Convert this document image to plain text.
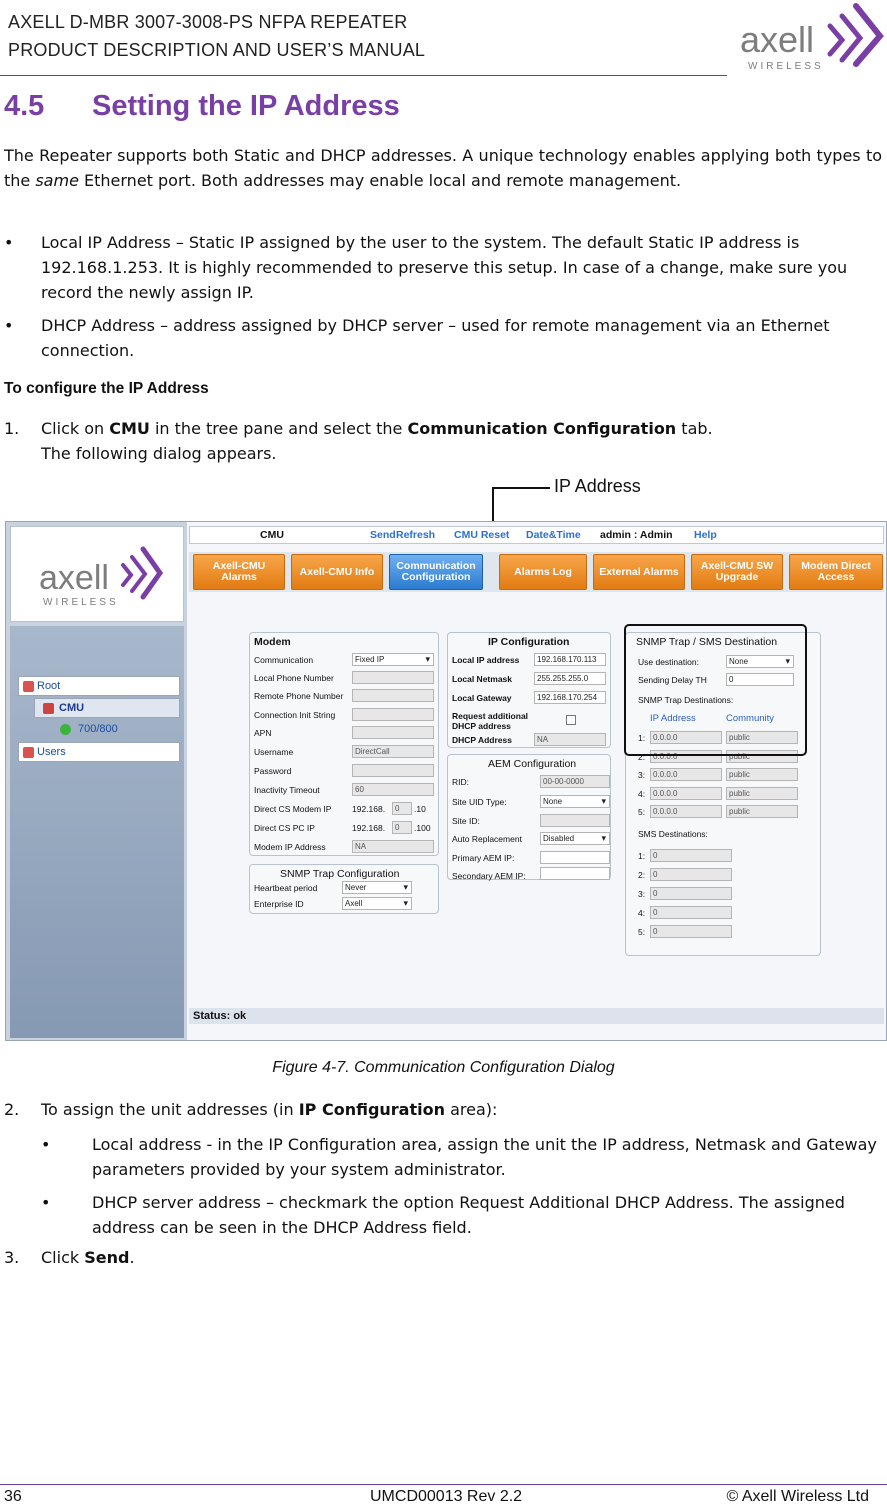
AXELL D-MBR 3007-3008-PS NFPA REPEATER
PRODUCT DESCRIPTION AND USER’S MANUAL	axell
WIRELESS
4.5 Setting the IP Address
The Repeater supports both Static and DHCP addresses. A unique technology enables applying both types to the same Ethernet port. Both addresses may enable local and remote management.
• Local IP Address – Static IP assigned by the user to the system. The default Static IP address is 192.168.1.253. It is highly recommended to preserve this setup. In case of a change, make sure you record the newly assign IP.
• DHCP Address – address assigned by DHCP server – used for remote management via an Ethernet connection.
To configure the IP Address
1. Click on CMU in the tree pane and select the Communication Configuration tab.
The following dialog appears.
IP Address
axell
WIRELESS
Root
CMU
700/800
Users
CMU	Send Refresh CMU Reset Date&Time admin : Admin Help
Axell-CMU Alarms	Axell-CMU Info	Communication Configuration	Alarms Log	External Alarms	Axell-CMU SW Upgrade
Modem Direct Access
Modem
Communication	Fixed IP ▾
Local Phone Number
Remote Phone Number
Connection Init String
APN
Username	DirectCall
Password
Inactivity Timeout	60
Direct CS Modem IP 192.168.	0	.10
Direct CS PC IP	192.168.	0	.100
Modem IP Address	NA
IP Configuration
Local IP address	192.168.170.113
Local Netmask	255.255.255.0
Local Gateway	192.168.170.254
Request additional DHCP address
DHCP Address	NA
AEM Configuration
RID:	00-00-0000
Site UID Type:	None ▾
Site ID:
Auto Replacement	Disabled ▾
Primary AEM IP:
Secondary AEM IP:
SNMP Trap Configuration
Heartbeat period	Never ▾
Enterprise ID	Axell ▾
SNMP Trap / SMS Destination
Use destination:	None ▾
Sending Delay TH	0
SNMP Trap Destinations:
IP Address	Community
1: 0.0.0.0	public
2: 0.0.0.0	public
3: 0.0.0.0	public
4: 0.0.0.0	public
5: 0.0.0.0	public
SMS Destinations:
1: 0
2: 0
3: 0
4: 0
5: 0
Status: ok
Figure 4-7. Communication Configuration Dialog
2. To assign the unit addresses (in IP Configuration area):
•	Local address - in the IP Configuration area, assign the unit the IP address, Netmask and Gateway parameters provided by your system administrator.
•	DHCP server address – checkmark the option Request Additional DHCP Address. The assigned address can be seen in the DHCP Address field.
3. Click Send.
36	UMCD00013 Rev 2.2	© Axell Wireless Ltd
